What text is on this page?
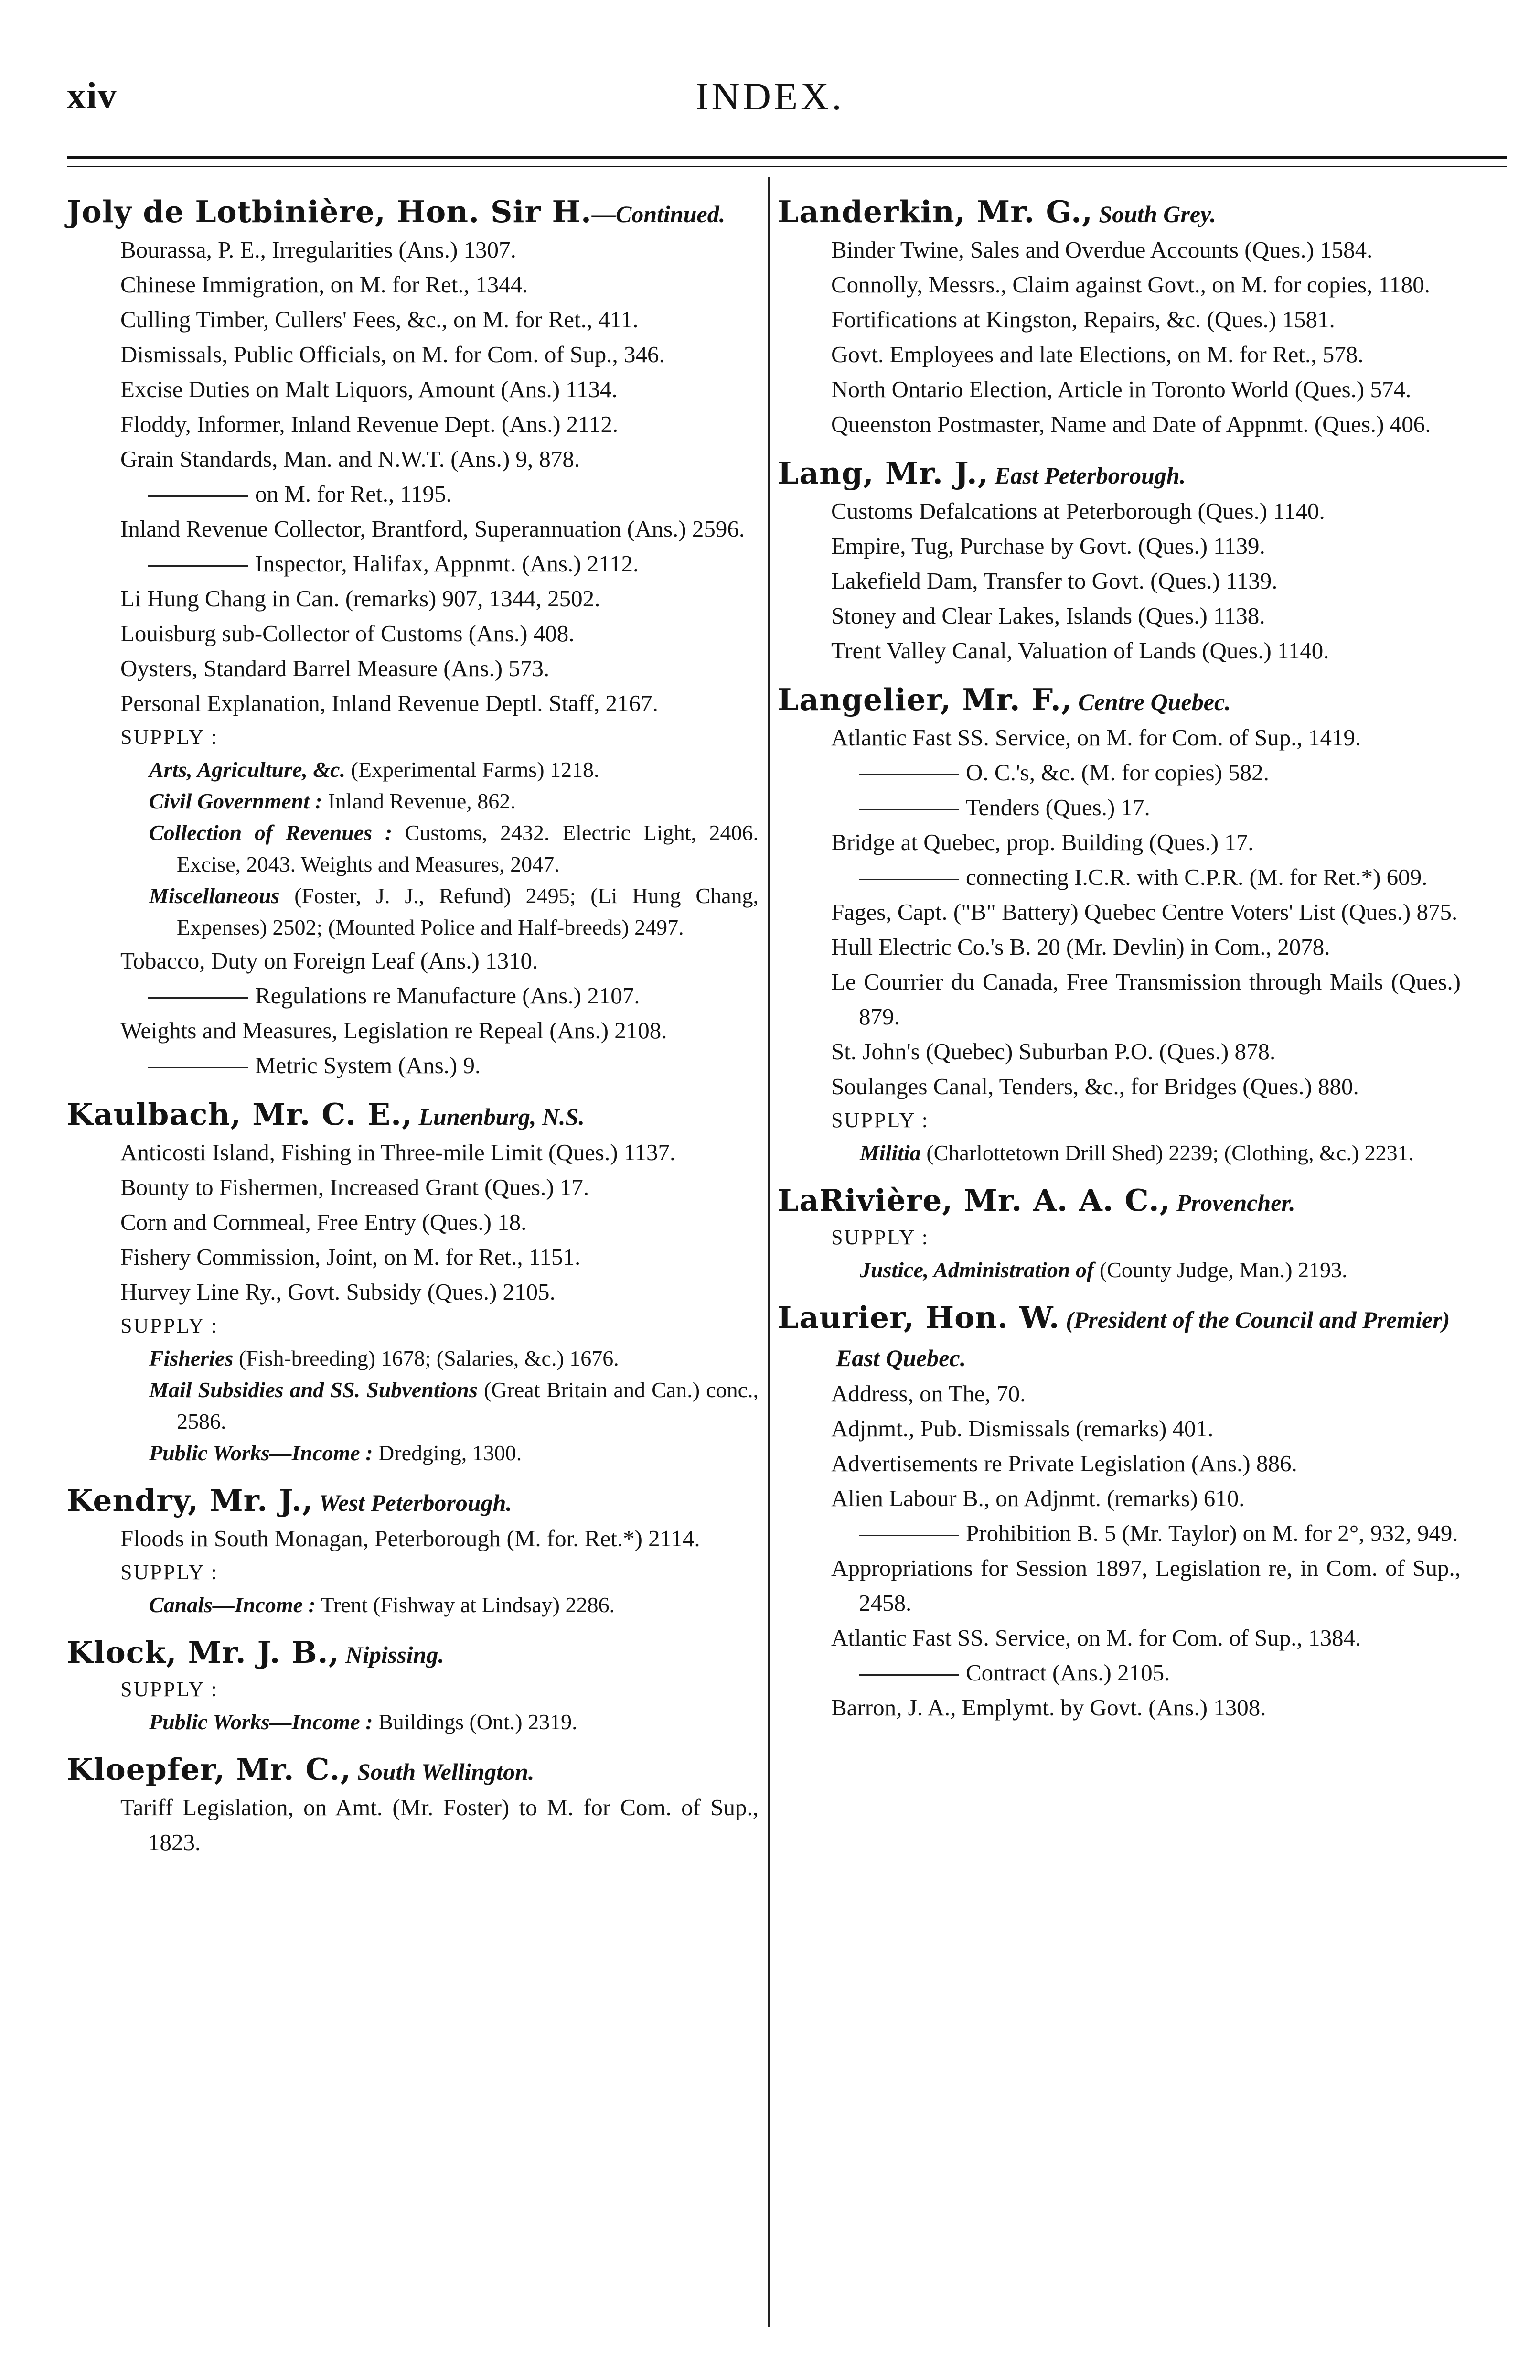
xiv	INDEX.
Joly de Lotbinière, Hon. Sir H.—Continued.
Bourassa, P. E., Irregularities (Ans.) 1307.
Chinese Immigration, on M. for Ret., 1344.
Culling Timber, Cullers' Fees, &c., on M. for Ret., 411.
Dismissals, Public Officials, on M. for Com. of Sup., 346.
Excise Duties on Malt Liquors, Amount (Ans.) 1134.
Floddy, Informer, Inland Revenue Dept. (Ans.) 2112.
Grain Standards, Man. and N.W.T. (Ans.) 9, 878.
on M. for Ret., 1195.
Inland Revenue Collector, Brantford, Superannuation (Ans.) 2596.
Inspector, Halifax, Appnmt. (Ans.) 2112.
Li Hung Chang in Can. (remarks) 907, 1344, 2502.
Louisburg sub-Collector of Customs (Ans.) 408.
Oysters, Standard Barrel Measure (Ans.) 573.
Personal Explanation, Inland Revenue Deptl. Staff, 2167.
SUPPLY :
Arts, Agriculture, &c. (Experimental Farms) 1218.
Civil Government : Inland Revenue, 862.
Collection of Revenues : Customs, 2432. Electric Light, 2406. Excise, 2043. Weights and Measures, 2047.
Miscellaneous (Foster, J. J., Refund) 2495; (Li Hung Chang, Expenses) 2502; (Mounted Police and Half-breeds) 2497.
Tobacco, Duty on Foreign Leaf (Ans.) 1310.
Regulations re Manufacture (Ans.) 2107.
Weights and Measures, Legislation re Repeal (Ans.) 2108.
Metric System (Ans.) 9.
Kaulbach, Mr. C. E., Lunenburg, N.S.
Anticosti Island, Fishing in Three-mile Limit (Ques.) 1137.
Bounty to Fishermen, Increased Grant (Ques.) 17.
Corn and Cornmeal, Free Entry (Ques.) 18.
Fishery Commission, Joint, on M. for Ret., 1151.
Hurvey Line Ry., Govt. Subsidy (Ques.) 2105.
SUPPLY :
Fisheries (Fish-breeding) 1678; (Salaries, &c.) 1676.
Mail Subsidies and SS. Subventions (Great Britain and Can.) conc., 2586.
Public Works—Income : Dredging, 1300.
Kendry, Mr. J., West Peterborough.
Floods in South Monagan, Peterborough (M. for. Ret.*) 2114.
SUPPLY :
Canals—Income : Trent (Fishway at Lindsay) 2286.
Klock, Mr. J. B., Nipissing.
SUPPLY :
Public Works—Income : Buildings (Ont.) 2319.
Kloepfer, Mr. C., South Wellington.
Tariff Legislation, on Amt. (Mr. Foster) to M. for Com. of Sup., 1823.
Landerkin, Mr. G., South Grey.
Binder Twine, Sales and Overdue Accounts (Ques.) 1584.
Connolly, Messrs., Claim against Govt., on M. for copies, 1180.
Fortifications at Kingston, Repairs, &c. (Ques.) 1581.
Govt. Employees and late Elections, on M. for Ret., 578.
North Ontario Election, Article in Toronto World (Ques.) 574.
Queenston Postmaster, Name and Date of Appnmt. (Ques.) 406.
Lang, Mr. J., East Peterborough.
Customs Defalcations at Peterborough (Ques.) 1140.
Empire, Tug, Purchase by Govt. (Ques.) 1139.
Lakefield Dam, Transfer to Govt. (Ques.) 1139.
Stoney and Clear Lakes, Islands (Ques.) 1138.
Trent Valley Canal, Valuation of Lands (Ques.) 1140.
Langelier, Mr. F., Centre Quebec.
Atlantic Fast SS. Service, on M. for Com. of Sup., 1419.
O. C.'s, &c. (M. for copies) 582.
Tenders (Ques.) 17.
Bridge at Quebec, prop. Building (Ques.) 17.
connecting I.C.R. with C.P.R. (M. for Ret.*) 609.
Fages, Capt. ("B" Battery) Quebec Centre Voters' List (Ques.) 875.
Hull Electric Co.'s B. 20 (Mr. Devlin) in Com., 2078.
Le Courrier du Canada, Free Transmission through Mails (Ques.) 879.
St. John's (Quebec) Suburban P.O. (Ques.) 878.
Soulanges Canal, Tenders, &c., for Bridges (Ques.) 880.
SUPPLY :
Militia (Charlottetown Drill Shed) 2239; (Clothing, &c.) 2231.
LaRivière, Mr. A. A. C., Provencher.
SUPPLY :
Justice, Administration of (County Judge, Man.) 2193.
Laurier, Hon. W. (President of the Council and Premier) East Quebec.
Address, on The, 70.
Adjnmt., Pub. Dismissals (remarks) 401.
Advertisements re Private Legislation (Ans.) 886.
Alien Labour B., on Adjnmt. (remarks) 610.
Prohibition B. 5 (Mr. Taylor) on M. for 2°, 932, 949.
Appropriations for Session 1897, Legislation re, in Com. of Sup., 2458.
Atlantic Fast SS. Service, on M. for Com. of Sup., 1384.
Contract (Ans.) 2105.
Barron, J. A., Emplymt. by Govt. (Ans.) 1308.
